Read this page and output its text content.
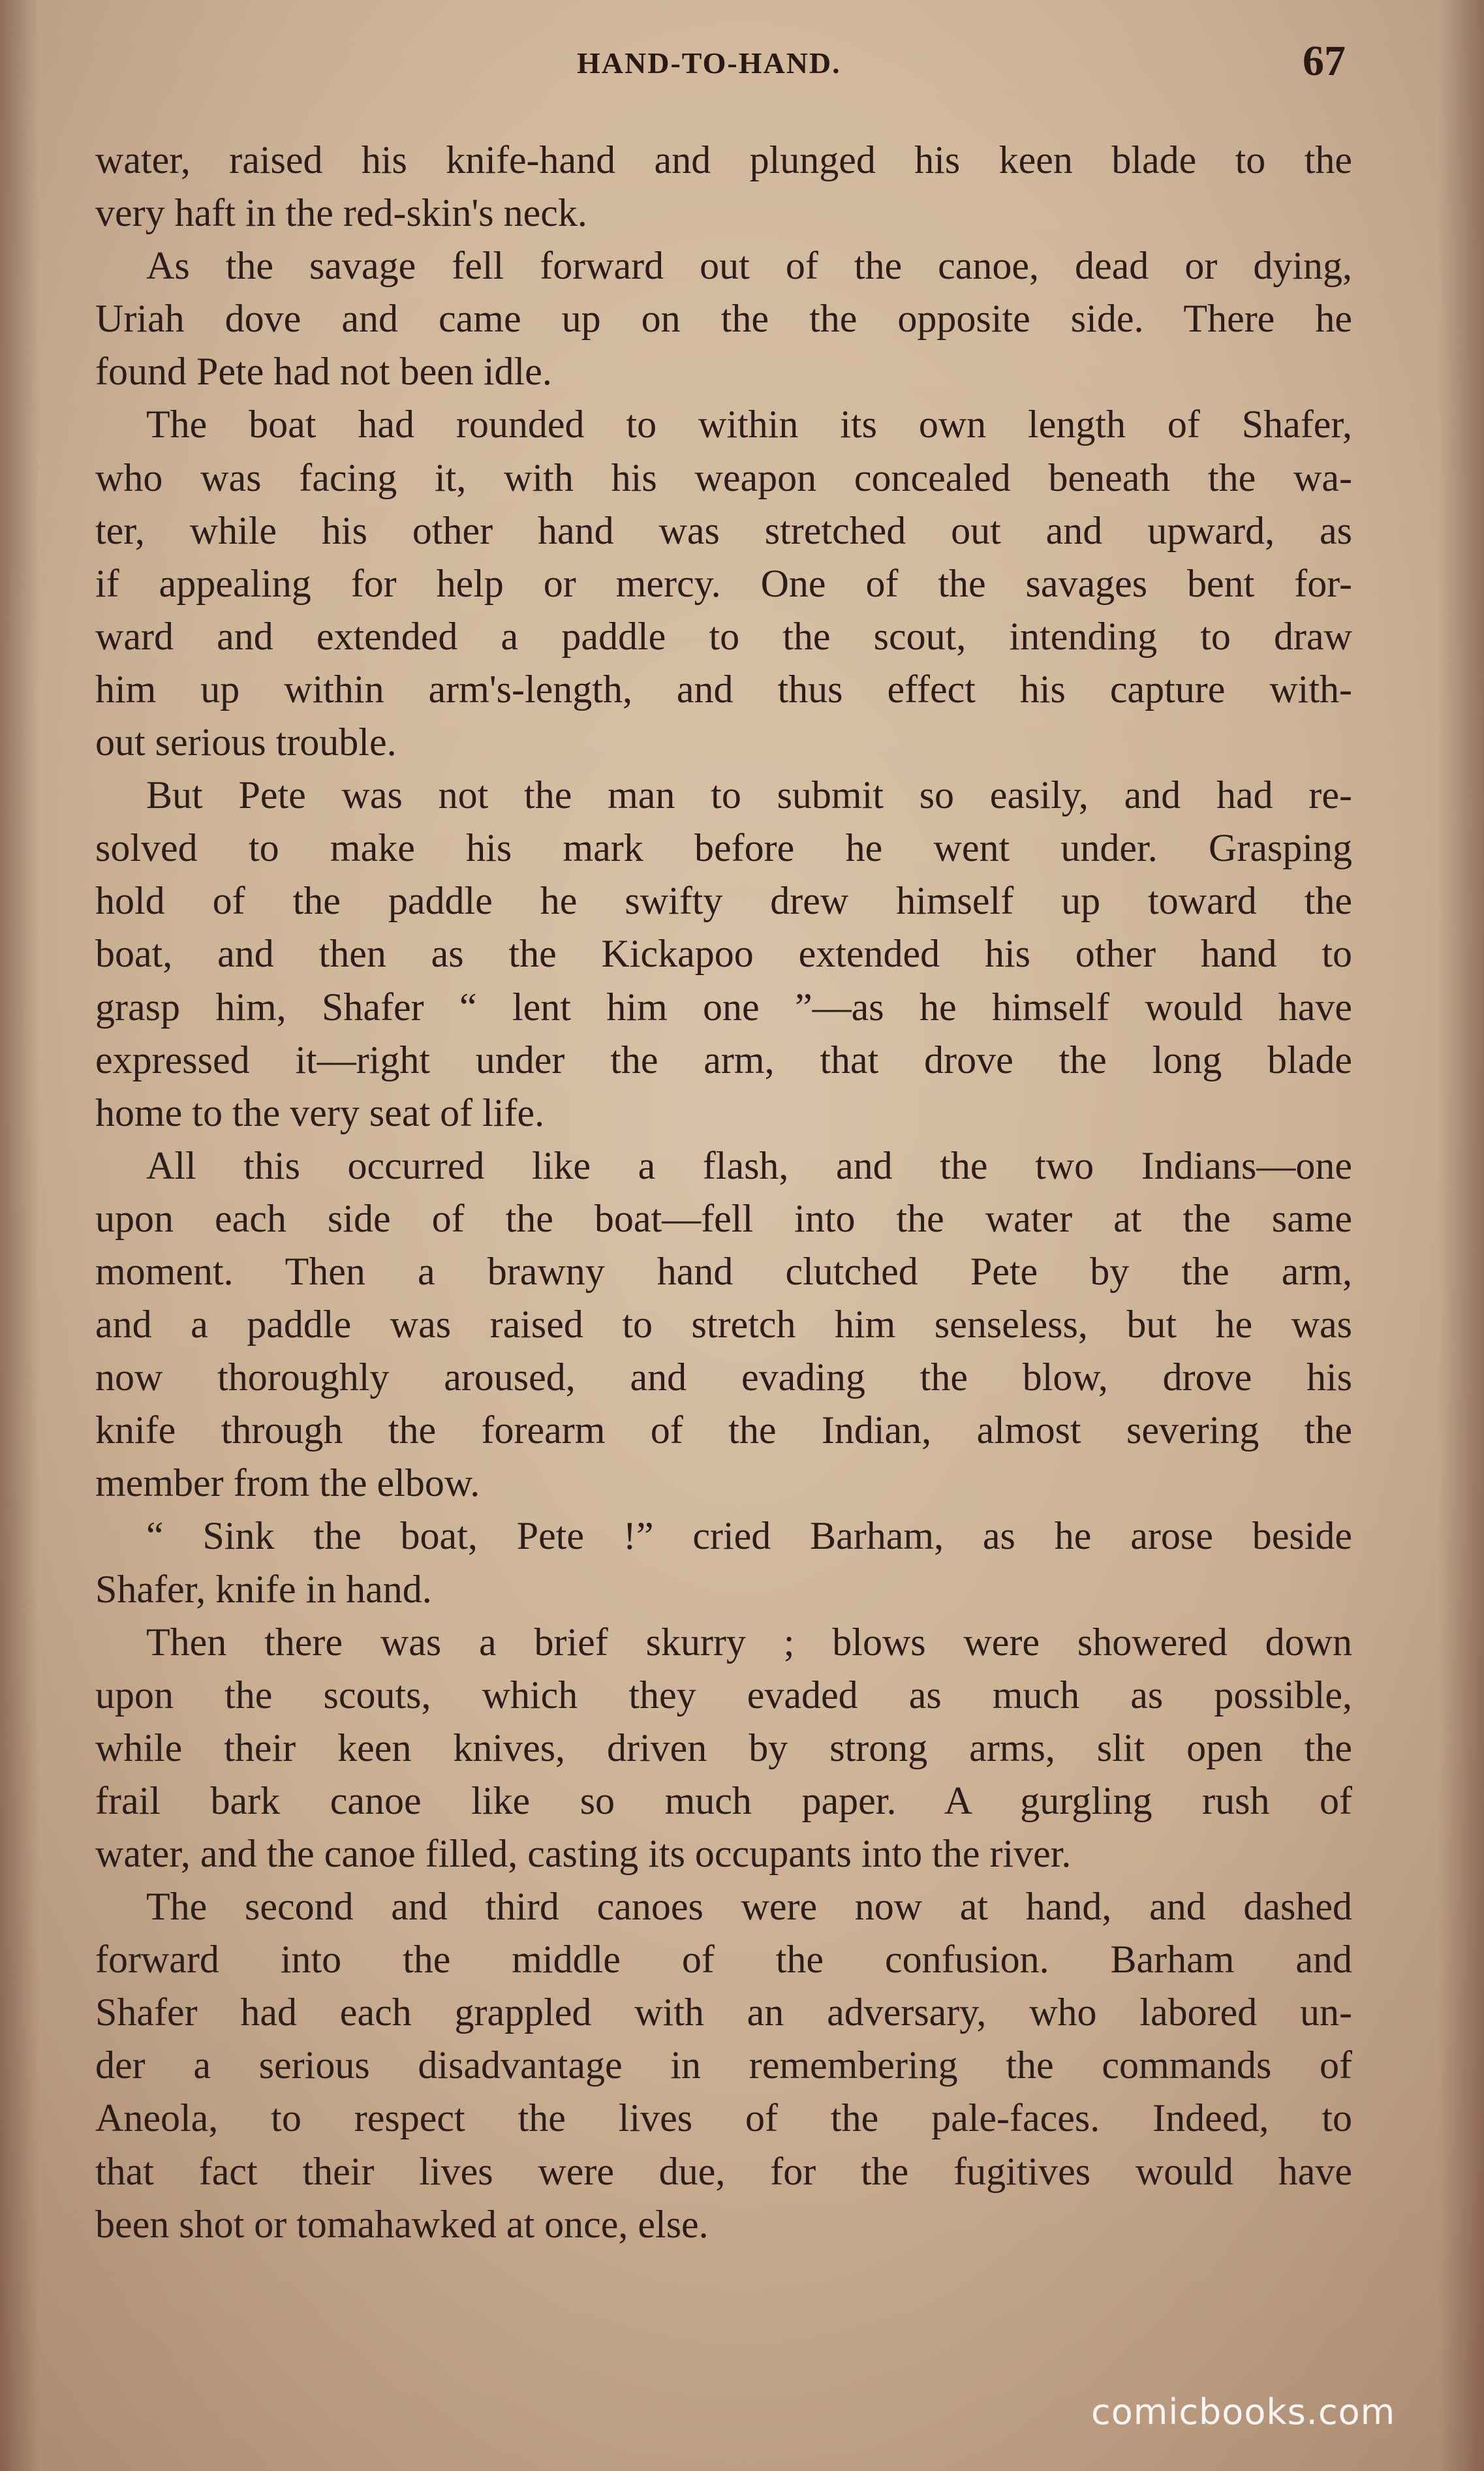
HAND-TO-HAND.	67
water, raised his knife-hand and plunged his keen blade to the
very haft in the red-skin's neck.
As the savage fell forward out of the canoe, dead or dying,
Uriah dove and came up on the the opposite side. There he
found Pete had not been idle.
The boat had rounded to within its own length of Shafer,
who was facing it, with his weapon concealed beneath the wa-
ter, while his other hand was stretched out and upward, as
if appealing for help or mercy. One of the savages bent for-
ward and extended a paddle to the scout, intending to draw
him up within arm's-length, and thus effect his capture with-
out serious trouble.
But Pete was not the man to submit so easily, and had re-
solved to make his mark before he went under. Grasping
hold of the paddle he swifty drew himself up toward the
boat, and then as the Kickapoo extended his other hand to
grasp him, Shafer “ lent him one ”—as he himself would have
expressed it—right under the arm, that drove the long blade
home to the very seat of life.
All this occurred like a flash, and the two Indians—one
upon each side of the boat—fell into the water at the same
moment. Then a brawny hand clutched Pete by the arm,
and a paddle was raised to stretch him senseless, but he was
now thoroughly aroused, and evading the blow, drove his
knife through the forearm of the Indian, almost severing the
member from the elbow.
“ Sink the boat, Pete !” cried Barham, as he arose beside
Shafer, knife in hand.
Then there was a brief skurry ; blows were showered down
upon the scouts, which they evaded as much as possible,
while their keen knives, driven by strong arms, slit open the
frail bark canoe like so much paper. A gurgling rush of
water, and the canoe filled, casting its occupants into the river.
The second and third canoes were now at hand, and dashed
forward into the middle of the confusion. Barham and
Shafer had each grappled with an adversary, who labored un-
der a serious disadvantage in remembering the commands of
Aneola, to respect the lives of the pale-faces. Indeed, to
that fact their lives were due, for the fugitives would have
been shot or tomahawked at once, else.
comicbooks.com
